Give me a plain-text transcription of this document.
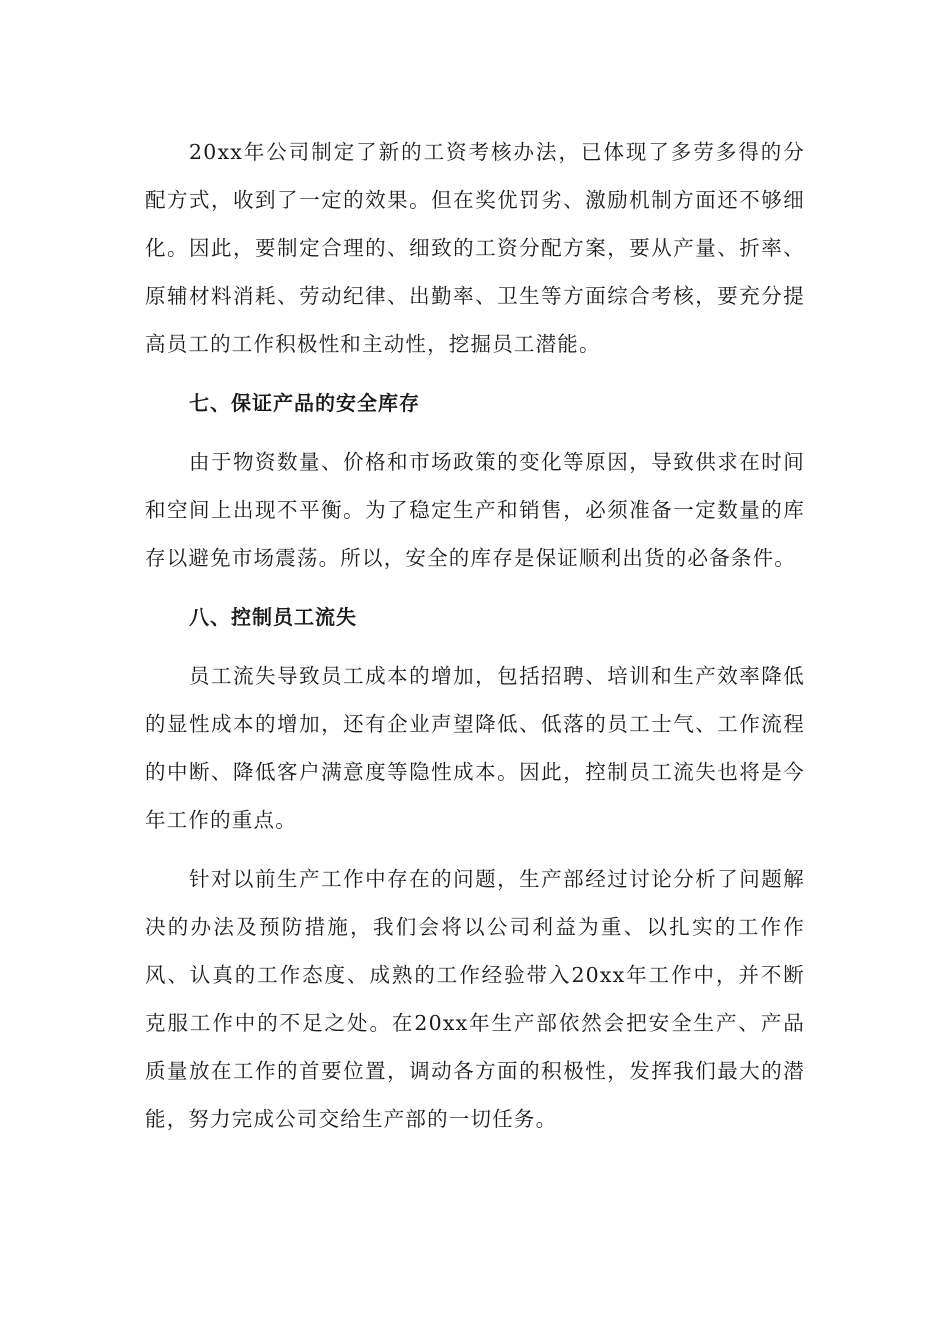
20xx年公司制定了新的工资考核办法，已体现了多劳多得的分配方式，收到了一定的效果。但在奖优罚劣、激励机制方面还不够细化。因此，要制定合理的、细致的工资分配方案，要从产量、折率、原辅材料消耗、劳动纪律、出勤率、卫生等方面综合考核，要充分提高员工的工作积极性和主动性，挖掘员工潜能。

七、保证产品的安全库存

由于物资数量、价格和市场政策的变化等原因，导致供求在时间和空间上出现不平衡。为了稳定生产和销售，必须准备一定数量的库存以避免市场震荡。所以，安全的库存是保证顺利出货的必备条件。

八、控制员工流失

员工流失导致员工成本的增加，包括招聘、培训和生产效率降低的显性成本的增加，还有企业声望降低、低落的员工士气、工作流程的中断、降低客户满意度等隐性成本。因此，控制员工流失也将是今年工作的重点。

针对以前生产工作中存在的问题，生产部经过讨论分析了问题解决的办法及预防措施，我们会将以公司利益为重、以扎实的工作作风、认真的工作态度、成熟的工作经验带入20xx年工作中，并不断克服工作中的不足之处。在20xx年生产部依然会把安全生产、产品质量放在工作的首要位置，调动各方面的积极性，发挥我们最大的潜能，努力完成公司交给生产部的一切任务。
